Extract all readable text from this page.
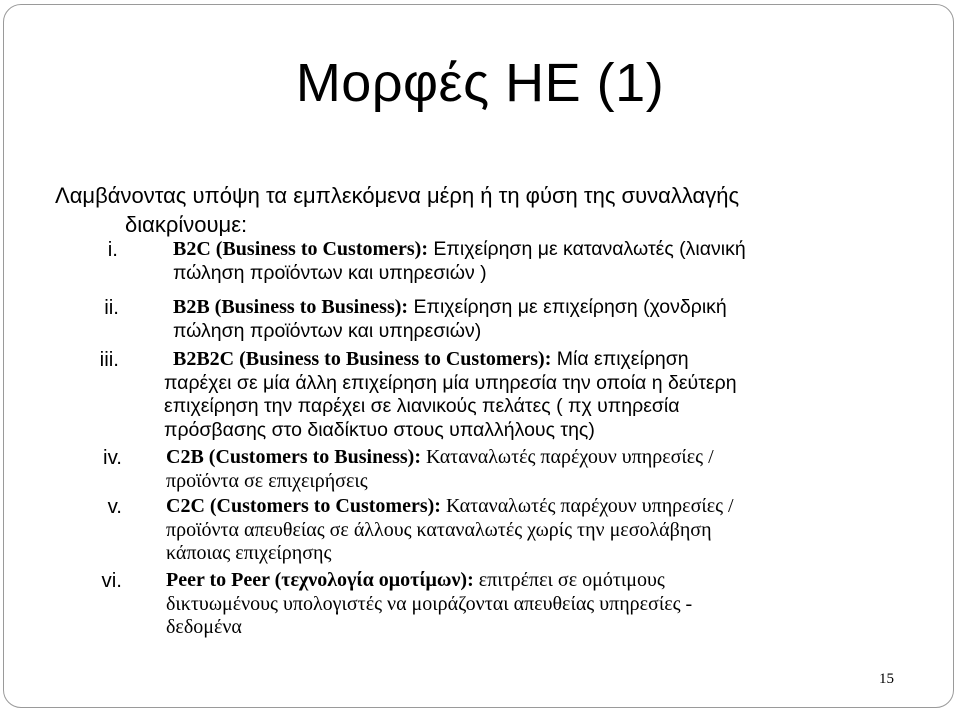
Μορφές ΗΕ (1)
Λαμβάνοντας υπόψη τα εμπλεκόμενα μέρη ή τη φύση της συναλλαγής
διακρίνουμε:
i.	B2C (Business to Customers): Επιχείρηση με καταναλωτές (λιανική
πώληση προϊόντων και υπηρεσιών )
ii.	B2B (Business to Business): Επιχείρηση με επιχείρηση (χονδρική
πώληση προϊόντων και υπηρεσιών)
iii.	B2B2C (Business to Business to Customers): Μία επιχείρηση
παρέχει σε μία άλλη επιχείρηση μία υπηρεσία την οποία η δεύτερη
επιχείρηση την παρέχει σε λιανικούς πελάτες ( πχ υπηρεσία
πρόσβασης στο διαδίκτυο στους υπαλλήλους της)
iv. C2B (Customers to Business): Καταναλωτές παρέχουν υπηρεσίες /
προϊόντα σε επιχειρήσεις
v. C2C (Customers to Customers): Καταναλωτές παρέχουν υπηρεσίες /
προϊόντα απευθείας σε άλλους καταναλωτές χωρίς την μεσολάβηση
κάποιας επιχείρησης
vi. Peer to Peer (τεχνολογία ομοτίμων): επιτρέπει σε ομότιμους
δικτυωμένους υπολογιστές να μοιράζονται απευθείας υπηρεσίες -
δεδομένα
15
